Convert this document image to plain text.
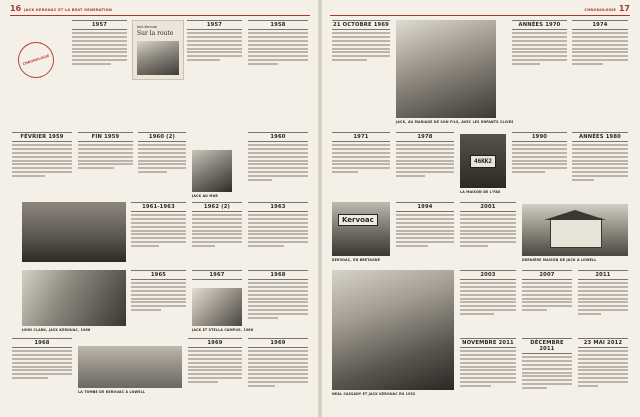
16 JACK KEROUAC ET LA BEAT GENERATION	CHRONOLOGIE 17
CHRONOLOGIE
1957	Jack Kerouac
Sur la route
1957	1958
FÉVRIER 1959	FIN 1959	1960 (2)
JACK AU MUR
1960
1961-1963	1962 (2)	1963
JOHN CLARK, JACK KEROUAC, 1966
1965
JACK ET STELLA CAMPUS, 1966
1967	1968
1968
LA TOMBE DE KEROUAC À LOWELL
1969	1969
21 OCTOBRE 1969
JACK, AU MARIAGE DE SON FILS, AVEC LES ENFANTS CLIVES
ANNÉES 1970	1974
1971	1978
46KK2
LA MAISON DE LʼFAE
1990	ANNÉES 1980
Kervoac
KERVOAC, EN BRETAGNE
1994	2001
DERNIÈRE MAISON DE JACK À LOWELL
NEAL CASSADY ET JACK KEROUAC EN 1952
2003	2007	2011
NOVEMBRE 2011	DÉCEMBRE 2011
23 MAI 2012
